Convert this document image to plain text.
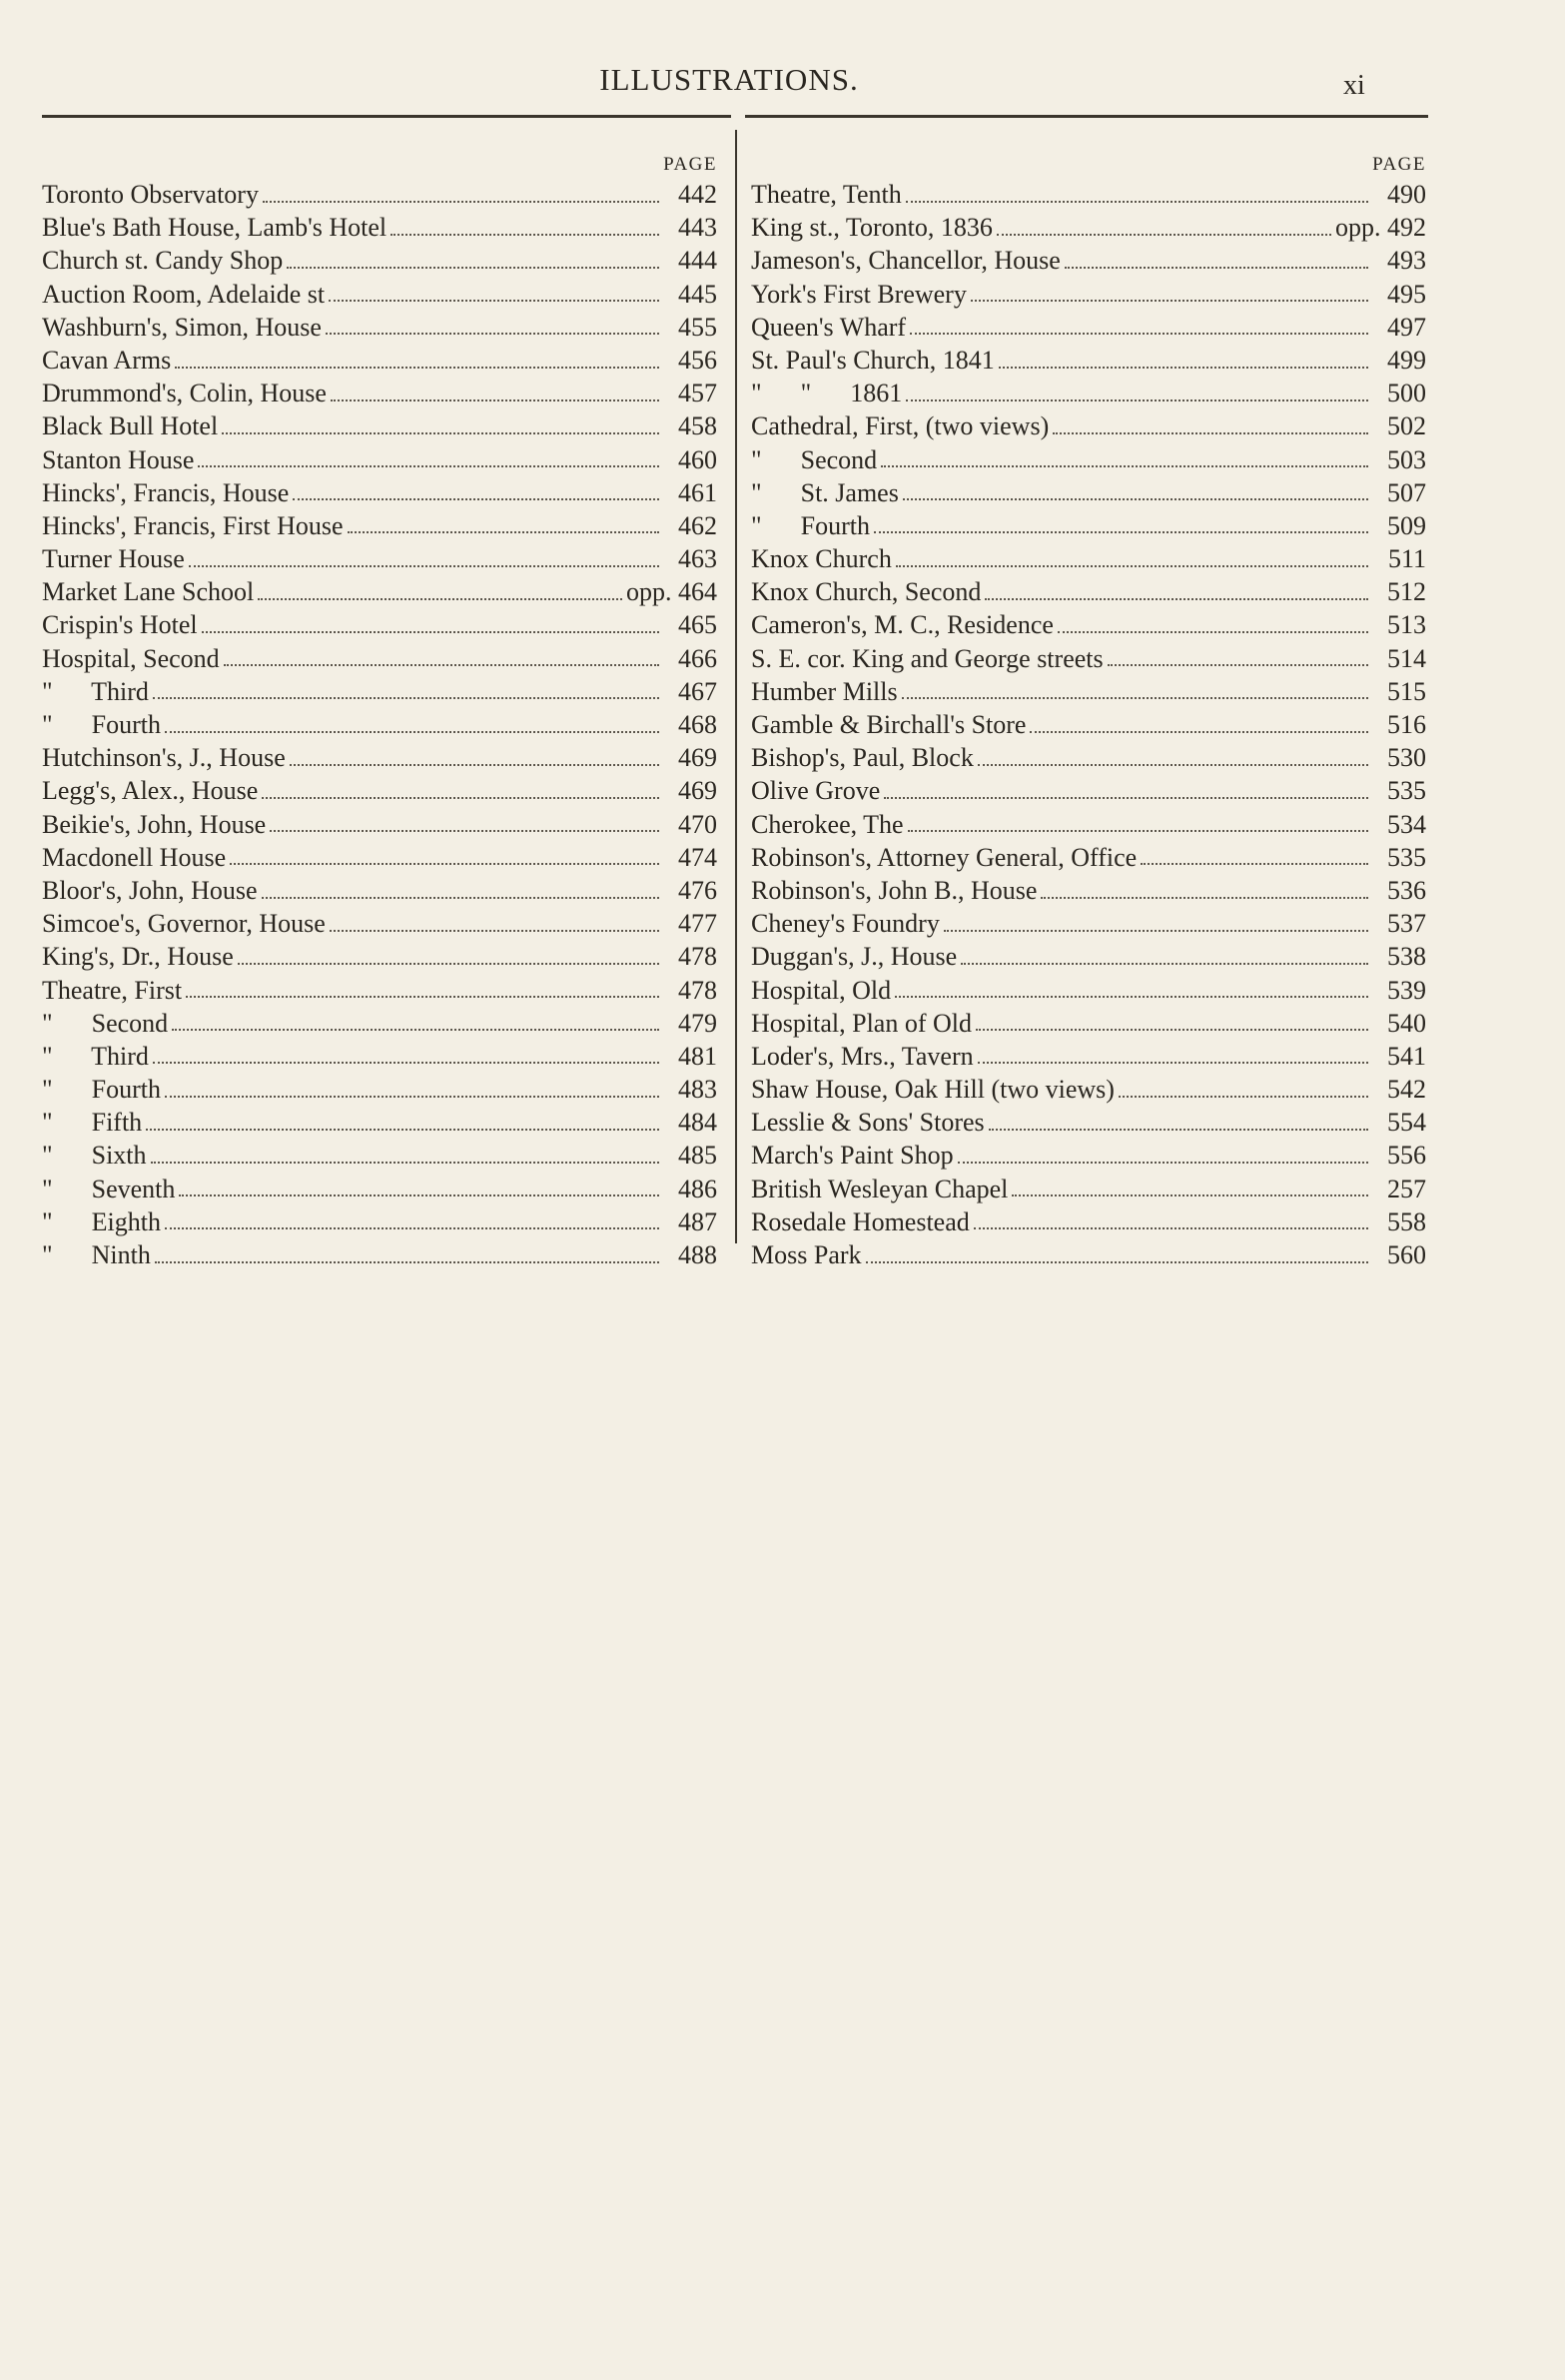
ILLUSTRATIONS.	xi
PAGE
Toronto Observatory	442
Blue's Bath House, Lamb's Hotel	443
Church st. Candy Shop	444
Auction Room, Adelaide st	445
Washburn's, Simon, House	455
Cavan Arms	456
Drummond's, Colin, House	457
Black Bull Hotel	458
Stanton House	460
Hincks', Francis, House	461
Hincks', Francis, First House	462
Turner House	463
Market Lane School	opp. 464
Crispin's Hotel	465
Hospital, Second	466
"      Third	467
"      Fourth	468
Hutchinson's, J., House	469
Legg's, Alex., House	469
Beikie's, John, House	470
Macdonell House	474
Bloor's, John, House	476
Simcoe's, Governor, House	477
King's, Dr., House	478
Theatre, First	478
"      Second	479
"      Third	481
"      Fourth	483
"      Fifth	484
"      Sixth	485
"      Seventh	486
"      Eighth	487
"      Ninth	488
PAGE
Theatre, Tenth	490
King st., Toronto, 1836	opp. 492
Jameson's, Chancellor, House	493
York's First Brewery	495
Queen's Wharf	497
St. Paul's Church, 1841	499
"      "      1861	500
Cathedral, First, (two views)	502
"      Second	503
"      St. James	507
"      Fourth	509
Knox Church	511
Knox Church, Second	512
Cameron's, M. C., Residence	513
S. E. cor. King and George streets	514
Humber Mills	515
Gamble & Birchall's Store	516
Bishop's, Paul, Block	530
Olive Grove	535
Cherokee, The	534
Robinson's, Attorney General, Office	535
Robinson's, John B., House	536
Cheney's Foundry	537
Duggan's, J., House	538
Hospital, Old	539
Hospital, Plan of Old	540
Loder's, Mrs., Tavern	541
Shaw House, Oak Hill (two views)	542
Lesslie & Sons' Stores	554
March's Paint Shop	556
British Wesleyan Chapel	257
Rosedale Homestead	558
Moss Park	560
